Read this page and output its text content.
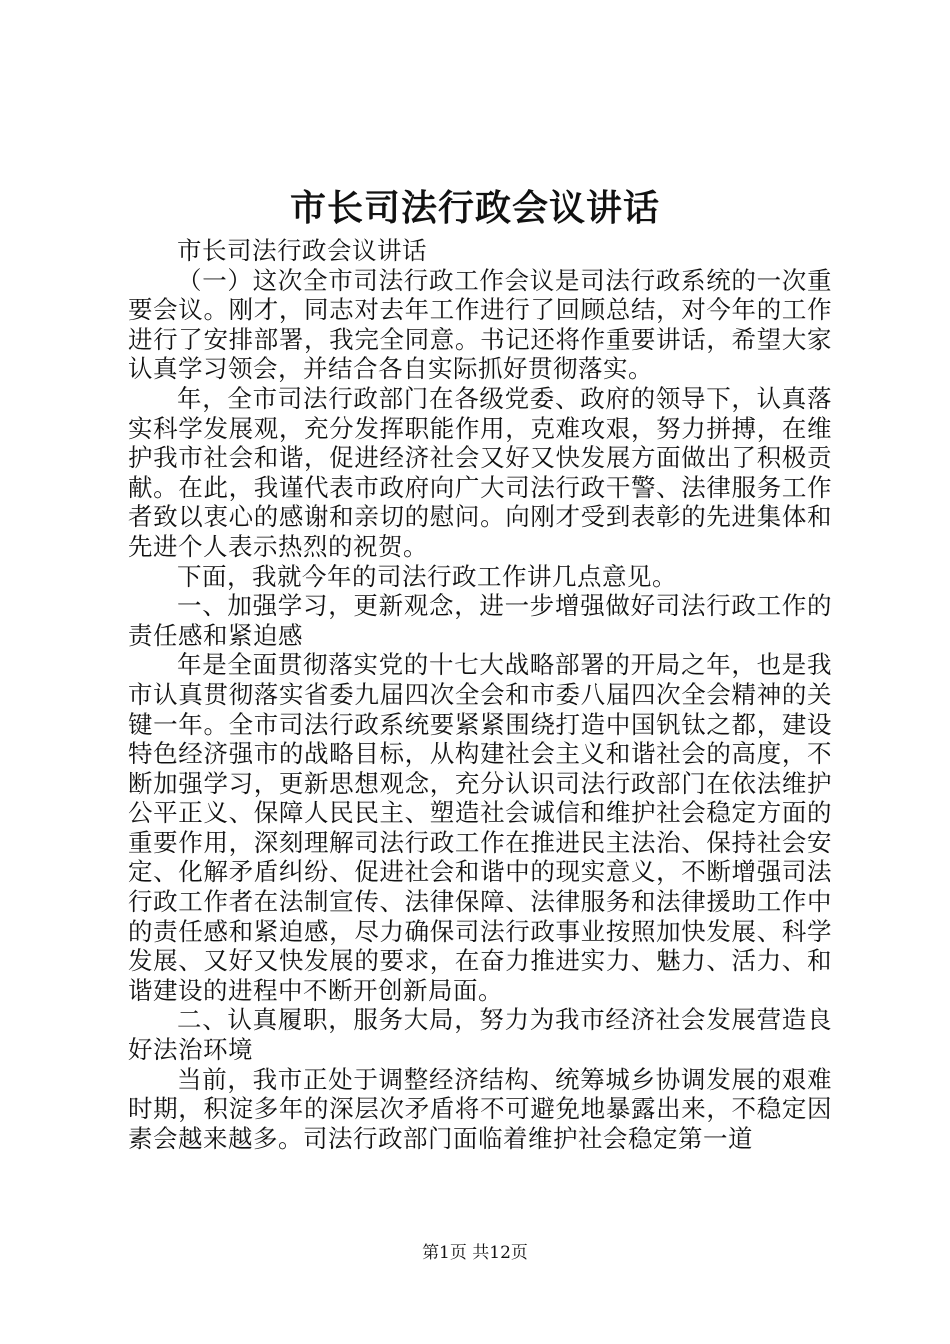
市长司法行政会议讲话

市长司法行政会议讲话

（一）这次全市司法行政工作会议是司法行政系统的一次重要会议。刚才，同志对去年工作进行了回顾总结，对今年的工作进行了安排部署，我完全同意。书记还将作重要讲话，希望大家认真学习领会，并结合各自实际抓好贯彻落实。

年，全市司法行政部门在各级党委、政府的领导下，认真落实科学发展观，充分发挥职能作用，克难攻艰，努力拼搏，在维护我市社会和谐，促进经济社会又好又快发展方面做出了积极贡献。在此，我谨代表市政府向广大司法行政干警、法律服务工作者致以衷心的感谢和亲切的慰问。向刚才受到表彰的先进集体和先进个人表示热烈的祝贺。

下面，我就今年的司法行政工作讲几点意见。

一、加强学习，更新观念，进一步增强做好司法行政工作的责任感和紧迫感

年是全面贯彻落实党的十七大战略部署的开局之年，也是我市认真贯彻落实省委九届四次全会和市委八届四次全会精神的关键一年。全市司法行政系统要紧紧围绕打造中国钒钛之都，建设特色经济强市的战略目标，从构建社会主义和谐社会的高度，不断加强学习，更新思想观念，充分认识司法行政部门在依法维护公平正义、保障人民民主、塑造社会诚信和维护社会稳定方面的重要作用，深刻理解司法行政工作在推进民主法治、保持社会安定、化解矛盾纠纷、促进社会和谐中的现实意义，不断增强司法行政工作者在法制宣传、法律保障、法律服务和法律援助工作中的责任感和紧迫感，尽力确保司法行政事业按照加快发展、科学发展、又好又快发展的要求，在奋力推进实力、魅力、活力、和谐建设的进程中不断开创新局面。

二、认真履职，服务大局，努力为我市经济社会发展营造良好法治环境

当前，我市正处于调整经济结构、统筹城乡协调发展的艰难时期，积淀多年的深层次矛盾将不可避免地暴露出来，不稳定因素会越来越多。司法行政部门面临着维护社会稳定第一道

第1页 共12页
